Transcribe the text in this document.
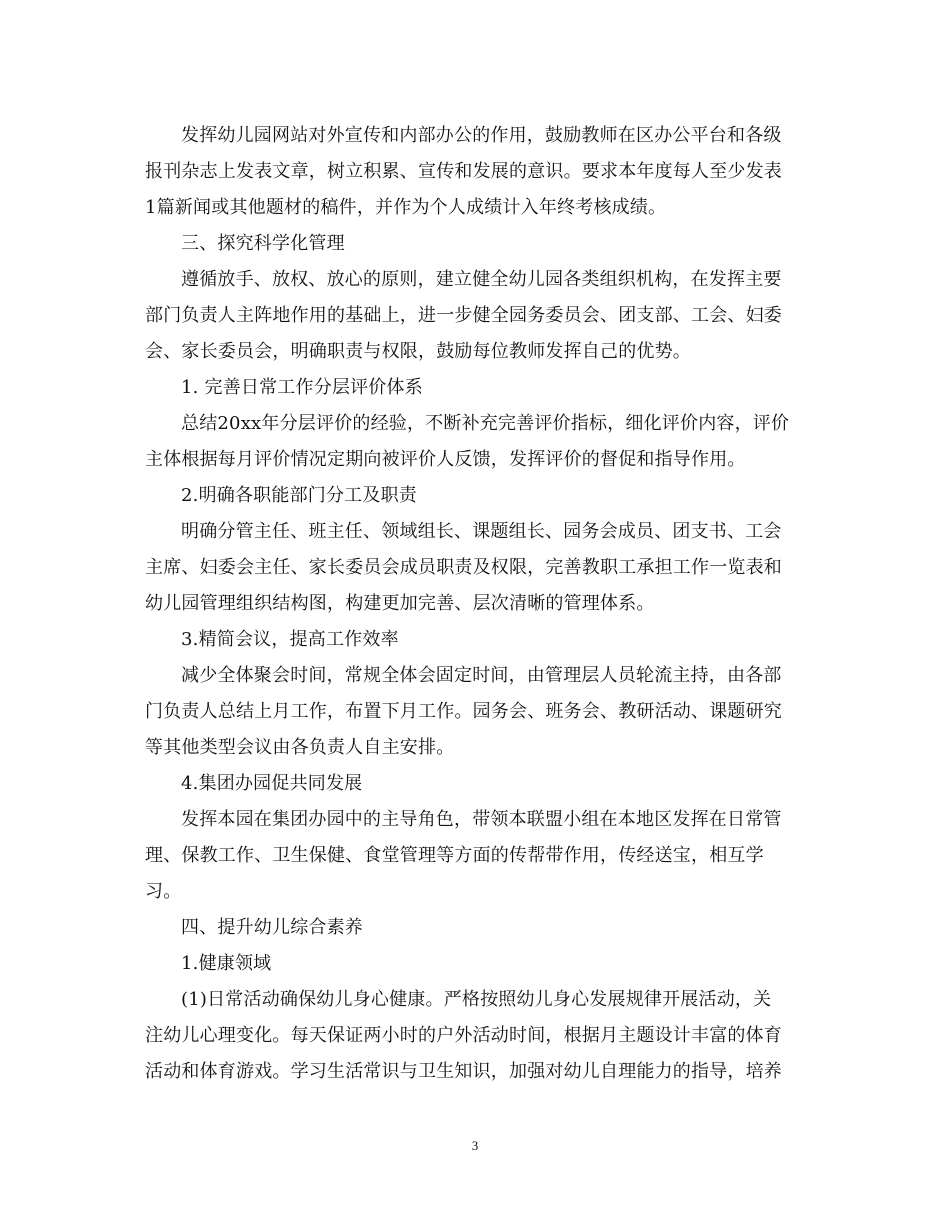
发挥幼儿园网站对外宣传和内部办公的作用，鼓励教师在区办公平台和各级
报刊杂志上发表文章，树立积累、宣传和发展的意识。要求本年度每人至少发表
1篇新闻或其他题材的稿件，并作为个人成绩计入年终考核成绩。
三、探究科学化管理
遵循放手、放权、放心的原则，建立健全幼儿园各类组织机构，在发挥主要
部门负责人主阵地作用的基础上，进一步健全园务委员会、团支部、工会、妇委
会、家长委员会，明确职责与权限，鼓励每位教师发挥自己的优势。
1. 完善日常工作分层评价体系
总结20xx年分层评价的经验，不断补充完善评价指标，细化评价内容，评价
主体根据每月评价情况定期向被评价人反馈，发挥评价的督促和指导作用。
2.明确各职能部门分工及职责
明确分管主任、班主任、领域组长、课题组长、园务会成员、团支书、工会
主席、妇委会主任、家长委员会成员职责及权限，完善教职工承担工作一览表和
幼儿园管理组织结构图，构建更加完善、层次清晰的管理体系。
3.精简会议，提高工作效率
减少全体聚会时间，常规全体会固定时间，由管理层人员轮流主持，由各部
门负责人总结上月工作，布置下月工作。园务会、班务会、教研活动、课题研究
等其他类型会议由各负责人自主安排。
4.集团办园促共同发展
发挥本园在集团办园中的主导角色，带领本联盟小组在本地区发挥在日常管
理、保教工作、卫生保健、食堂管理等方面的传帮带作用，传经送宝，相互学
习。
四、提升幼儿综合素养
1.健康领域
(1)日常活动确保幼儿身心健康。严格按照幼儿身心发展规律开展活动，关
注幼儿心理变化。每天保证两小时的户外活动时间，根据月主题设计丰富的体育
活动和体育游戏。学习生活常识与卫生知识，加强对幼儿自理能力的指导，培养
3
